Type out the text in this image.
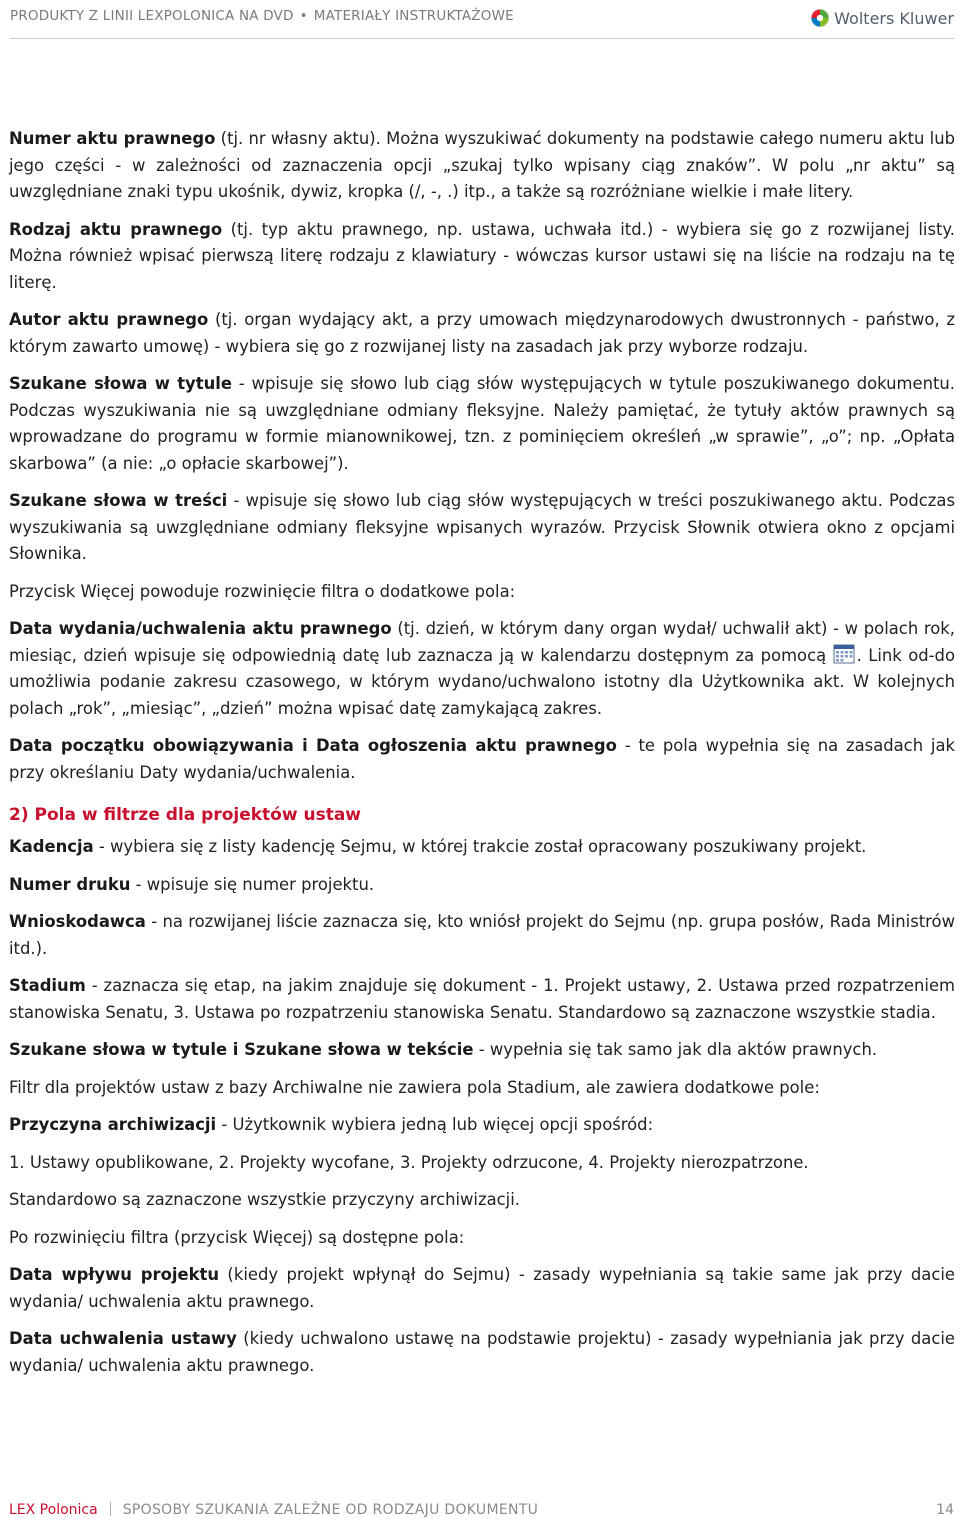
PRODUKTY Z LINII LEXPOLONICA NA DVD • MATERIAŁY INSTRUKTAŻOWE	Wolters Kluwer

Numer aktu prawnego (tj. nr własny aktu). Można wyszukiwać dokumenty na podstawie całego numeru aktu lub jego części - w zależności od zaznaczenia opcji „szukaj tylko wpisany ciąg znaków”. W polu „nr aktu” są uwzględniane znaki typu ukośnik, dywiz, kropka (/, -, .) itp., a także są rozróżniane wielkie i małe litery.

Rodzaj aktu prawnego (tj. typ aktu prawnego, np. ustawa, uchwała itd.) - wybiera się go z rozwijanej listy. Można również wpisać pierwszą literę rodzaju z klawiatury - wówczas kursor ustawi się na liście na rodzaju na tę literę.

Autor aktu prawnego (tj. organ wydający akt, a przy umowach międzynarodowych dwustronnych - państwo, z którym zawarto umowę) - wybiera się go z rozwijanej listy na zasadach jak przy wyborze rodzaju.

Szukane słowa w tytule - wpisuje się słowo lub ciąg słów występujących w tytule poszukiwanego dokumentu. Podczas wyszukiwania nie są uwzględniane odmiany fleksyjne. Należy pamiętać, że tytuły aktów prawnych są wprowadzane do programu w formie mianownikowej, tzn. z pominięciem określeń „w sprawie”, „o”; np. „Opłata skarbowa” (a nie: „o opłacie skarbowej”).

Szukane słowa w treści - wpisuje się słowo lub ciąg słów występujących w treści poszukiwanego aktu. Podczas wyszukiwania są uwzględniane odmiany fleksyjne wpisanych wyrazów. Przycisk Słownik otwiera okno z opcjami Słownika.

Przycisk Więcej powoduje rozwinięcie filtra o dodatkowe pola:

Data wydania/uchwalenia aktu prawnego (tj. dzień, w którym dany organ wydał/ uchwalił akt) - w polach rok, miesiąc, dzień wpisuje się odpowiednią datę lub zaznacza ją w kalendarzu dostępnym za pomocą . Link od-do umożliwia podanie zakresu czasowego, w którym wydano/uchwalono istotny dla Użytkownika akt. W kolejnych polach „rok”, „miesiąc”, „dzień” można wpisać datę zamykającą zakres.

Data początku obowiązywania i Data ogłoszenia aktu prawnego - te pola wypełnia się na zasadach jak przy określaniu Daty wydania/uchwalenia.

2) Pola w filtrze dla projektów ustaw

Kadencja - wybiera się z listy kadencję Sejmu, w której trakcie został opracowany poszukiwany projekt.

Numer druku - wpisuje się numer projektu.

Wnioskodawca - na rozwijanej liście zaznacza się, kto wniósł projekt do Sejmu (np. grupa posłów, Rada Ministrów itd.).

Stadium - zaznacza się etap, na jakim znajduje się dokument - 1. Projekt ustawy, 2. Ustawa przed rozpatrzeniem stanowiska Senatu, 3. Ustawa po rozpatrzeniu stanowiska Senatu. Standardowo są zaznaczone wszystkie stadia.

Szukane słowa w tytule i Szukane słowa w tekście - wypełnia się tak samo jak dla aktów prawnych.

Filtr dla projektów ustaw z bazy Archiwalne nie zawiera pola Stadium, ale zawiera dodatkowe pole:

Przyczyna archiwizacji - Użytkownik wybiera jedną lub więcej opcji spośród:

1. Ustawy opublikowane, 2. Projekty wycofane, 3. Projekty odrzucone, 4. Projekty nierozpatrzone.

Standardowo są zaznaczone wszystkie przyczyny archiwizacji.

Po rozwinięciu filtra (przycisk Więcej) są dostępne pola:

Data wpływu projektu (kiedy projekt wpłynął do Sejmu) - zasady wypełniania są takie same jak przy dacie wydania/ uchwalenia aktu prawnego.

Data uchwalenia ustawy (kiedy uchwalono ustawę na podstawie projektu) - zasady wypełniania jak przy dacie wydania/ uchwalenia aktu prawnego.

LEX Polonica SPOSOBY SZUKANIA ZALEŻNE OD RODZAJU DOKUMENTU	14
